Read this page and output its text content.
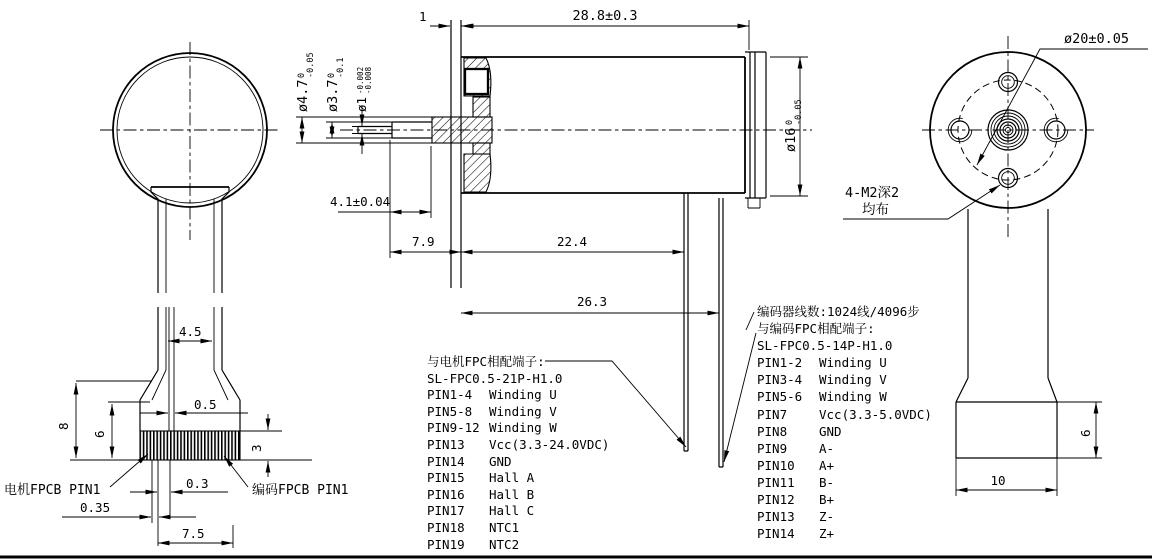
4.5
8
6
0.5
3
0.3
0.35
7.5
1	28.8±0.3
ø4.7
0 -0.05
ø3.7
0 -0.1
ø1
-0.002 -0.008
4.1±0.04
7.9	22.4
26.3
ø16
0 -0.05
ø20±0.05
4-M2深2
均布
6
10
电机FPCB PIN1	编码FPCB PIN1
与电机FPC相配端子:
SL-FPC0.5-21P-H1.0
PIN1-4 Winding U
PIN5-8 Winding V
PIN9-12 Winding W
PIN13 Vcc(3.3-24.0VDC)
PIN14 GND
PIN15 Hall A
PIN16 Hall B
PIN17 Hall C
PIN18 NTC1
PIN19 NTC2
编码器线数:1024线/4096步
与编码FPC相配端子:
SL-FPC0.5-14P-H1.0
PIN1-2 Winding U
PIN3-4 Winding V
PIN5-6 Winding W
PIN7	Vcc(3.3-5.0VDC)
PIN8	GND
PIN9	A-
PIN10 A+
PIN11 B-
PIN12 B+
PIN13 Z-
PIN14 Z+
